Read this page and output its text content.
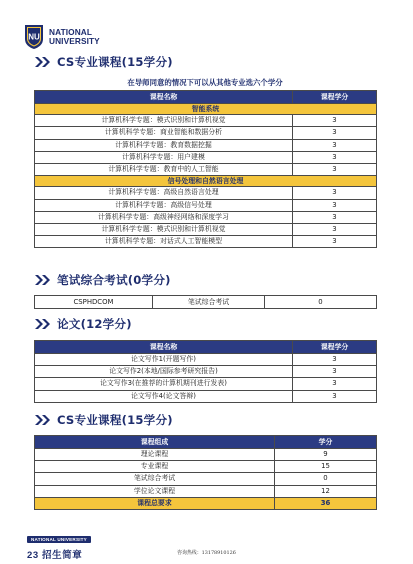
NU NATIONAL
UNIVERSITY
CS专业课程(15学分)
在导师同意的情况下可以从其他专业选六个学分
课程名称	课程学分
智能系统	
计算机科学专题：模式识别和计算机视觉	3
计算机科学专题：商业智能和数据分析	3
计算机科学专题：教育数据挖掘	3
计算机科学专题：用户建模	3
计算机科学专题：教育中的人工智能	3
信号处理和自然语言处理	
计算机科学专题：高级自然语言处理	3
计算机科学专题：高级信号处理	3
计算机科学专题：高级神经网络和深度学习	3
计算机科学专题：模式识别和计算机视觉	3
计算机科学专题：对话式人工智能模型	3
笔试综合考试(0学分)
CSPHDCOM	笔试综合考试	0
论文(12学分)
课程名称	课程学分
论文写作1(开题写作)	3
论文写作2(本地/国际参考研究报告)	3
论文写作3(在推荐的计算机期刊进行发表)	3
论文写作4(论文答辩)	3
CS专业课程(15学分)
课程组成	学分
理论课程	9
专业课程	15
笔试综合考试	0
学位论文课程	12
课程总要求	36
NATIONAL UNIVERSITY
23 招生简章	咨询热线：13178910126
